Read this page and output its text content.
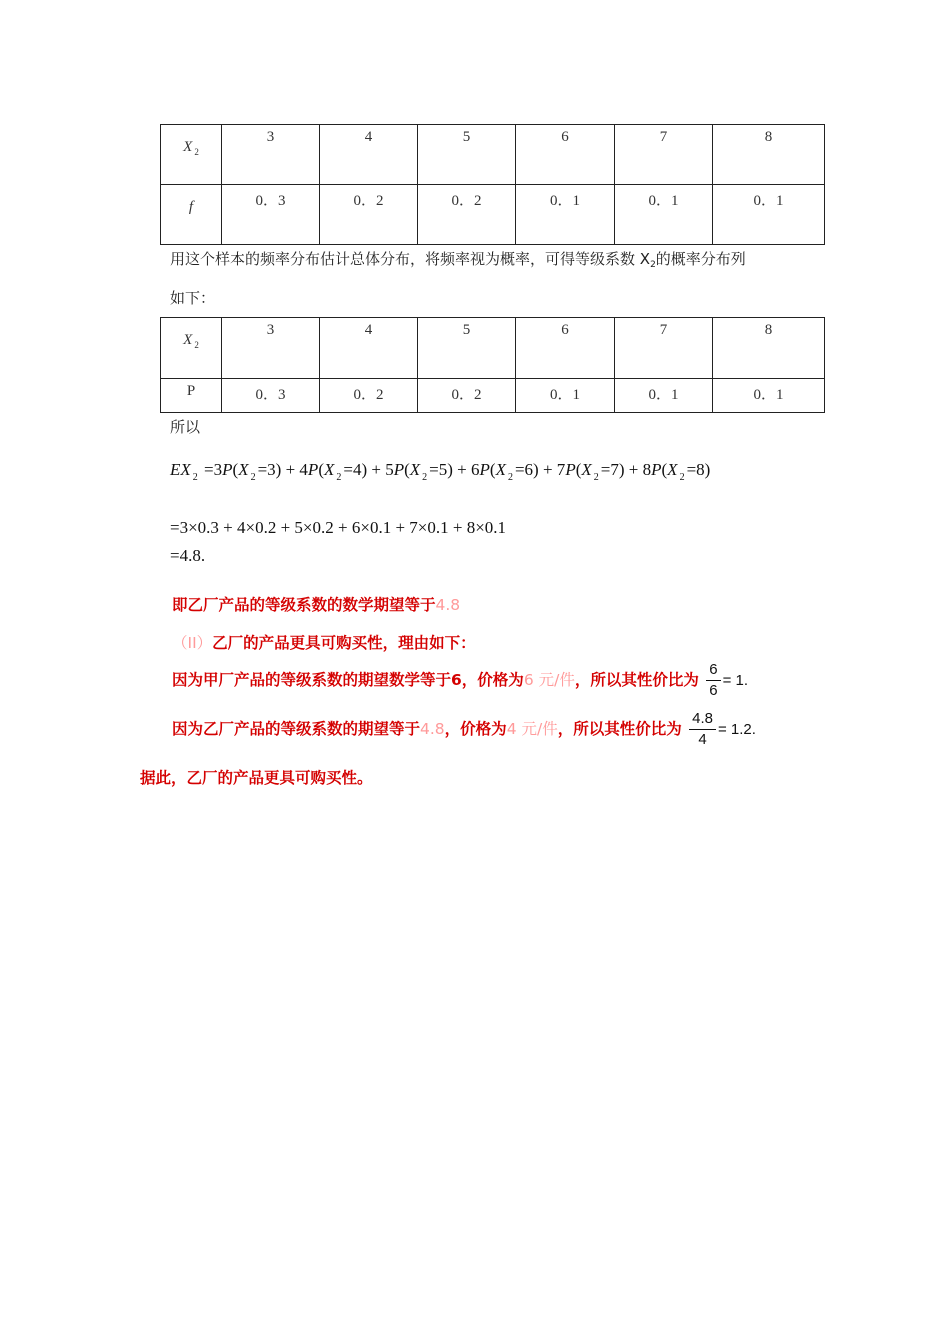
X $_2$	3	4	5	6	7	8
f	0．3	0．2	0．2	0．1	0．1	0．1
用这个样本的频率分布估计总体分布，将频率视为概率，可得等级系数 $X_2$的概率分布列
如下：
X $_2$	3	4	5	6	7	8
P	0．3	0．2	0．2	0．1	0．1	0．1
所以
EX $_2$ =3P(X $_2$ =3) + 4P(X $_2$ =4) + 5P(X $_2$ =5) + 6P(X $_2$ =6) + 7P(X $_2$ =7) + 8P(X $_2$ =8)
=3×0.3 + 4×0.2 + 5×0.2 + 6×0.1 + 7×0.1 + 8×0.1
=4.8.
即乙厂产品的等级系数的数学期望等于4.8
（II）乙厂的产品更具可购买性，理由如下：
因为甲厂产品的等级系数的期望数学等于6，价格为6 元/件，所以其性价比为 $\frac{6}{6} = 1$.
因为乙厂产品的等级系数的期望等于4.8，价格为4 元/件，所以其性价比为 $\frac{4.8}{4} = 1.2$.
据此，乙厂的产品更具可购买性。
